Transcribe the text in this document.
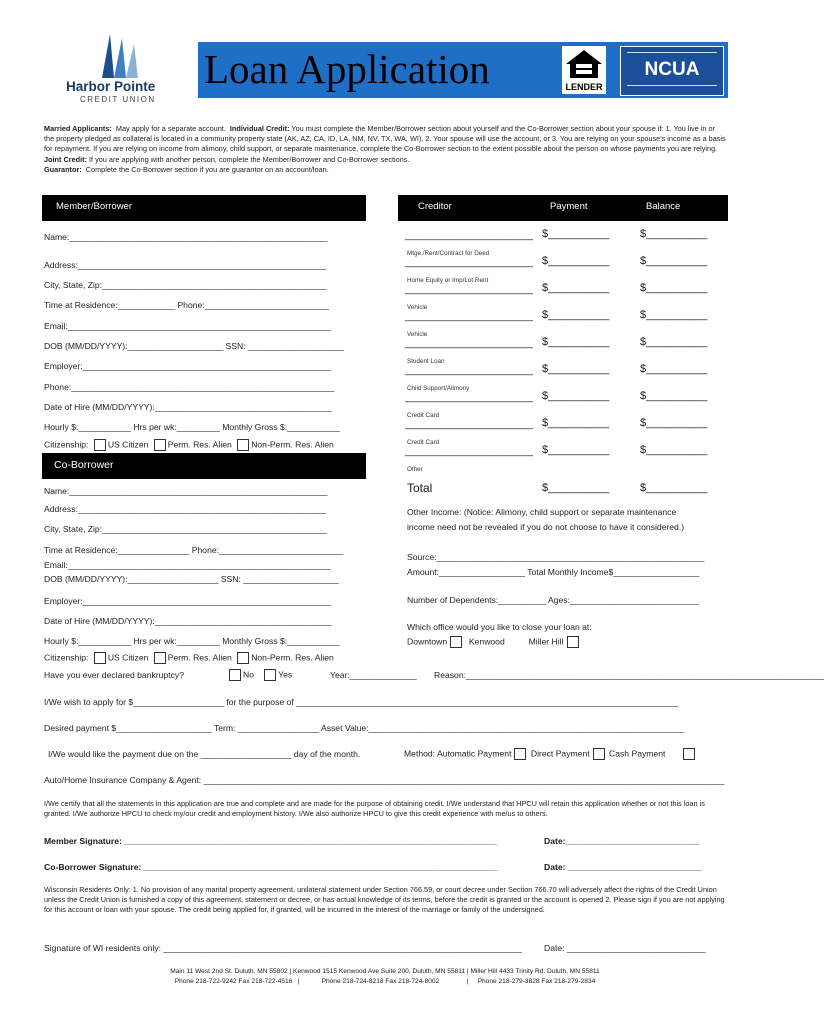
Harbor Pointe
CREDIT UNION
Loan Application	LENDER
NCUA
Married Applicants: May apply for a separate account. Individual Credit: You must complete the Member/Borrower section about yourself and the Co-Borrower section about your spouse if: 1. You live in or the property pledged as collateral is located in a community property state (AK, AZ, CA, ID, LA, NM, NV, TX, WA, WI), 2. Your spouse will use the account, or 3. You are relying on your spouse's income as a basis for repayment. If you are relying on income from alimony, child support, or separate maintenance, complete the Co-Borrower section to the extent possible about the person on whose payments you are relying. Joint Credit: If you are applying with another person, complete the Member/Borrower and Co-Borrower sections.
Guarantor: Complete the Co-Borrower section if you are guarantor on an account/loan.
Member/Borrower
Name:______________________________________________________
Address:____________________________________________________
City, State, Zip:_______________________________________________
Time at Residence:____________ Phone:__________________________
Email:_______________________________________________________
DOB (MM/DD/YYYY):____________________ SSN: ____________________
Employer:____________________________________________________
Phone:_______________________________________________________
Date of Hire (MM/DD/YYYY):_____________________________________
Hourly $:___________ Hrs per wk:_________ Monthly Gross $:___________
Citizenship: US Citizen Perm. Res. Alien Non-Perm. Res. Alien
Co-Borrower
Name:______________________________________________________
Address:____________________________________________________
City, State, Zip:_______________________________________________
Time at Residence:_______________ Phone:__________________________
Email:_______________________________________________________
DOB (MM/DD/YYYY):___________________ SSN: ____________________
Employer:____________________________________________________
Date of Hire (MM/DD/YYYY):_____________________________________
Hourly $:___________ Hrs per wk:_________ Monthly Gross $:___________
Citizenship: US Citizen Perm. Res. Alien Non-Perm. Res. Alien
Have you ever declared bankruptcy?	No	Yes	Year:______________ Reason:___________________________________________________________________________
Creditor	Payment	Balance
_______________________ $__________	$__________
Mtge./Rent/Contract for Deed
_______________________ $__________	$__________
Home Equity or Imp/Lot Rent
_______________________ $__________	$__________
Vehicle
_______________________ $__________	$__________
Vehicle
_______________________ $__________	$__________
Student Loan
_______________________ $__________	$__________
Child Support/Alimony
_______________________ $__________	$__________
Credit Card
_______________________ $__________	$__________
Credit Card
_______________________ $__________	$__________
Other
Total	$__________	$__________
Other Income: (Notice: Alimony, child support or separate maintenance
income need not be revealed if you do not choose to have it considered.)
Source:________________________________________________________
Amount:__________________ Total Monthly Income$__________________
Number of Dependents:__________ Ages:___________________________
Which office would you like to close your loan at:
Downtown	Kenwood	Miller Hill
I/We wish to apply for $___________________ for the purpose of ________________________________________________________________________________
Desired payment $____________________ Term: _________________ Asset Value:__________________________________________________________________
I/We would like the payment due on the ___________________ day of the month.	Method: Automatic Payment Direct Payment Cash Payment
Auto/Home Insurance Company & Agent: _____________________________________________________________________________________________________________
I/We certify that all the statements in this application are true and complete and are made for the purpose of obtaining credit. I/We understand that HPCU will retain this application whether or not this loan is granted. I/We authorize HPCU to check my/our credit and employment history. I/We also authorize HPCU to give this credit experience with me/us to others.
Member Signature: ______________________________________________________________________________	Date:____________________________
Co-Borrower Signature: __________________________________________________________________________	Date: ____________________________
Wisconsin Residents Only: 1. No provision of any marital property agreement, unilateral statement under Section 766.59, or court decree under Section 766.70 will adversely affect the rights of the Credit Union unless the Credit Union is furnished a copy of this agreement, statement or decree, or has actual knowledge of its terms, before the credit is granted or the account is opened 2. Please sign if you are not applying for this account or loan with your spouse. The credit being applied for, if granted, will be incurred in the interest of the marriage or family of the undersigned.
Signature of WI residents only: ___________________________________________________________________________	Date: _____________________________
Main 11 West 2nd St. Duluth, MN 55802 | Kenwood 1515 Kenwood Ave Suite 200, Duluth, MN 55811 | Miller Hill 4433 Trinity Rd. Duluth, MN 55811
Phone 218-722-9242 Fax 218-722-4516   |            Phone 218-724-8218 Fax 218-724-8002               |     Phone 218-279-3828 Fax 218-279-2834
